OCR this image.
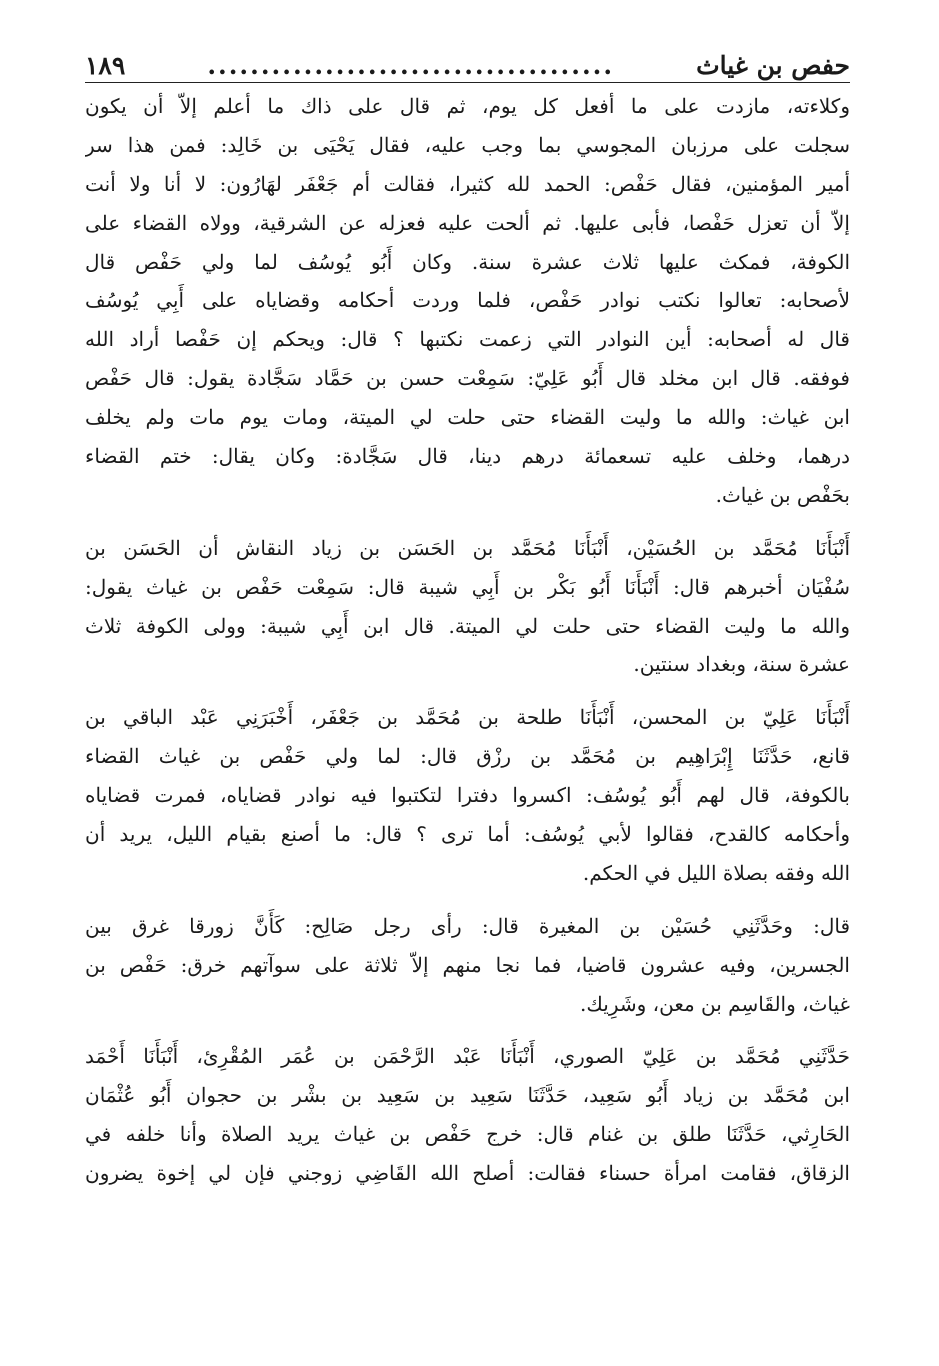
حفص بن غياث
......................................
١٨٩
وكلاءته، مازدت على ما أفعل كل يوم، ثم قال على ذاك ما أعلم إلاّ أن يكون
سجلت على مرزبان المجوسي بما وجب عليه، فقال يَحْيَى بن خَالِد: فمن هذا سر
أمير المؤمنين، فقال حَفْص: الحمد لله كثيرا، فقالت أم جَعْفَر لهَارُون: لا أنا ولا أنت
إلاّ أن تعزل حَفْصا، فأبى عليها. ثم ألحت عليه فعزله عن الشرقية، وولاه القضاء على
الكوفة، فمكث عليها ثلاث عشرة سنة. وكان أَبُو يُوسُف لما ولي حَفْص قال
لأصحابه: تعالوا نكتب نوادر حَفْص، فلما وردت أحكامه وقضاياه على أَبِي يُوسُف
قال له أصحابه: أين النوادر التي زعمت نكتبها ؟ قال: ويحكم إن حَفْصا أراد الله
فوفقه. قال ابن مخلد قال أَبُو عَلِيّ: سَمِعْت حسن بن حَمَّاد سَجَّادة يقول: قال حَفْص
ابن غياث: والله ما وليت القضاء حتى حلت لي الميتة، ومات يوم مات ولم يخلف
درهما، وخلف عليه تسعمائة درهم دينا، قال سَجَّادة: وكان يقال: ختم القضاء
بحَفْص بن غياث.
أَنْبَأَنَا مُحَمَّد بن الحُسَيْن، أَنْبَأَنَا مُحَمَّد بن الحَسَن بن زياد النقاش أن الحَسَن بن
سُفْيَان أخبرهم قال: أَنْبَأَنَا أَبُو بَكْر بن أَبِي شيبة قال: سَمِعْت حَفْص بن غياث يقول:
والله ما وليت القضاء حتى حلت لي الميتة. قال ابن أَبِي شيبة: وولى الكوفة ثلاث
عشرة سنة، وبغداد سنتين.
أَنْبَأَنَا عَلِيّ بن المحسن، أَنْبَأَنَا طلحة بن مُحَمَّد بن جَعْفَر، أَخْبَرَنِي عَبْد الباقي بن
قانع، حَدَّثَنَا إِبْرَاهِيم بن مُحَمَّد بن رزْق قال: لما ولي حَفْص بن غياث القضاء
بالكوفة، قال لهم أَبُو يُوسُف: اكسروا دفترا لتكتبوا فيه نوادر قضاياه، فمرت قضاياه
وأحكامه كالقدح، فقالوا لأبي يُوسُف: أما ترى ؟ قال: ما أصنع بقيام الليل، يريد أن
الله وفقه بصلاة الليل في الحكم.
قال: وحَدَّثَنِي حُسَيْن بن المغيرة قال: رأى رجل صَالِح: كَأَنَّ زورقا غرق بين
الجسرين، وفيه عشرون قاضيا، فما نجا منهم إلاّ ثلاثة على سوآتهم خرق: حَفْص بن
غياث، والقَاسِم بن معن، وشَرِيك.
حَدَّثَنِي مُحَمَّد بن عَلِيّ الصوري، أَنْبَأَنَا عَبْد الرَّحْمَن بن عُمَر المُقْرِئ، أَنْبَأَنَا أَحْمَد
ابن مُحَمَّد بن زياد أَبُو سَعِيد، حَدَّثَنَا سَعِيد بن سَعِيد بن بشْر بن حجوان أَبُو عُثْمَان
الحَارِثي، حَدَّثَنَا طلق بن غنام قال: خرج حَفْص بن غياث يريد الصلاة وأنا خلفه في
الزقاق، فقامت امرأة حسناء فقالت: أصلح الله القَاضِي زوجني فإن لي إخوة يضرون
